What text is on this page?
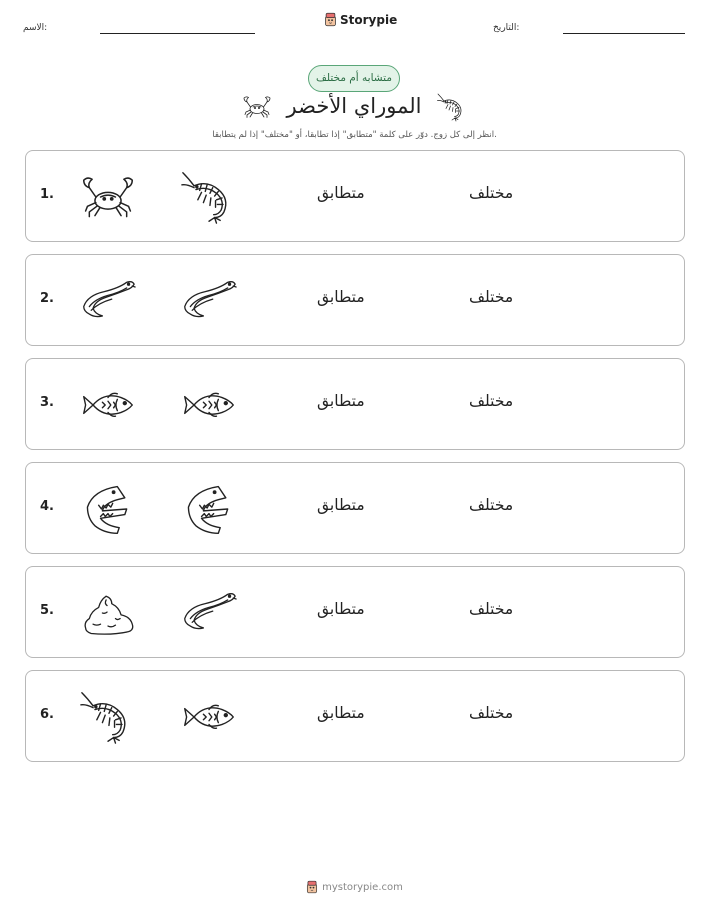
الاسم:
Storypie
التاريخ:
متشابه أم مختلف
الموراي الأخضر
انظر إلى كل زوج. دوّر على كلمة "متطابق" إذا تطابقا، أو "مختلف" إذا لم يتطابقا.
1.	متطابق	مختلف
2.	متطابق	مختلف
3.	متطابق	مختلف
4.	متطابق	مختلف
5.	متطابق	مختلف
6.	متطابق	مختلف
mystorypie.com
